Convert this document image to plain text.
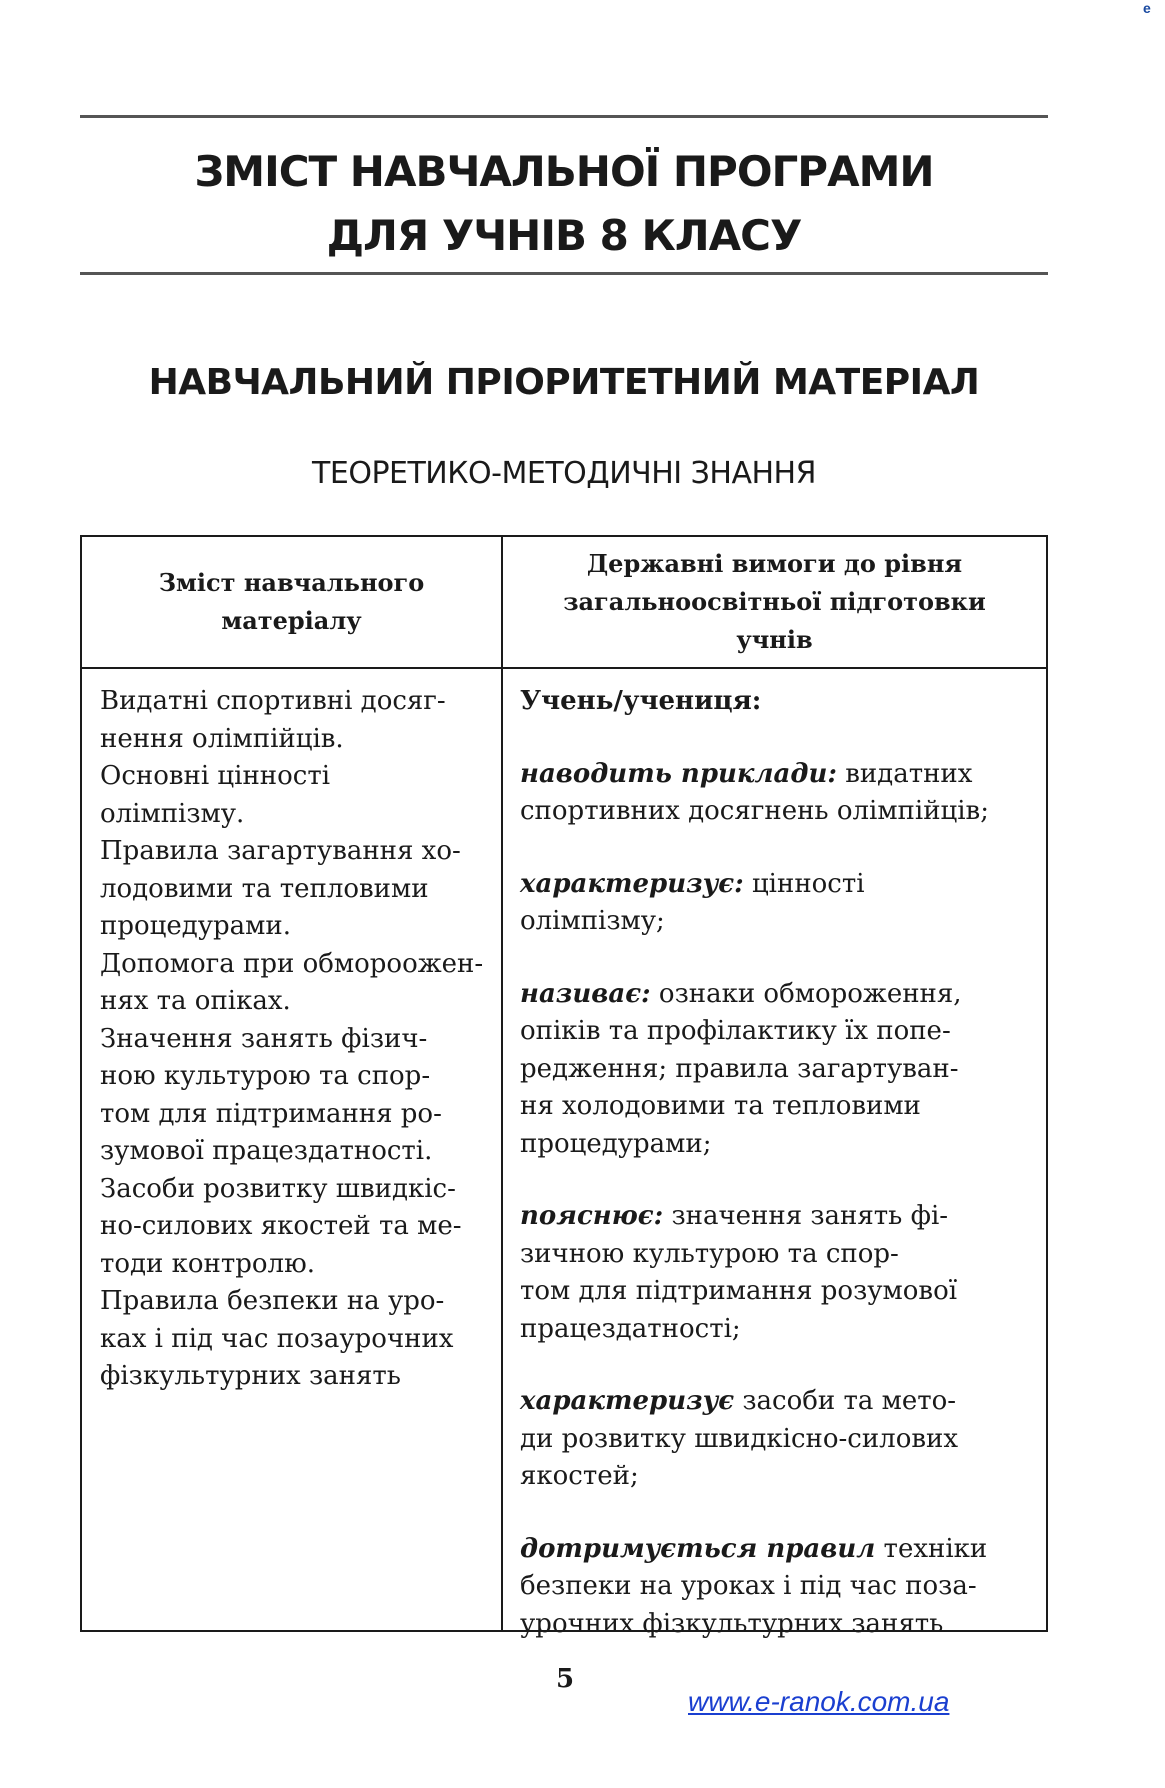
e
ЗМІСТ НАВЧАЛЬНОЇ ПРОГРАМИ
ДЛЯ УЧНІВ 8 КЛАСУ
НАВЧАЛЬНИЙ ПРІОРИТЕТНИЙ МАТЕРІАЛ
ТЕОРЕТИКО-МЕТОДИЧНІ ЗНАННЯ
Зміст навчального матеріалу
Державні вимоги до рівня загальноосвітньої підготовки учнів
Видатні спортивні досяг-
нення олімпійців.
Основні цінності
олімпізму.
Правила загартування хо-
лодовими та тепловими
процедурами.
Допомога при обмороожен-
нях та опіках.
Значення занять фізич-
ною культурою та спор-
том для підтримання ро-
зумової працездатності.
Засоби розвитку швидкіс-
но-силових якостей та ме-
тоди контролю.
Правила безпеки на уро-
ках і під час позаурочних
фізкультурних занять
Учень/учениця:
наводить приклади: видатних
спортивних досягнень олімпійців;
характеризує: цінності
олімпізму;
називає: ознаки обмороження,
опіків та профілактику їх попе-
редження; правила загартуван-
ня холодовими та тепловими
процедурами;
пояснює: значення занять фі-
зичною культурою та спор-
том для підтримання розумової
працездатності;
характеризує засоби та мето-
ди розвитку швидкісно-силових
якостей;
дотримується правил техніки
безпеки на уроках і під час поза-
урочних фізкультурних занять
5
www.e-ranok.com.ua
